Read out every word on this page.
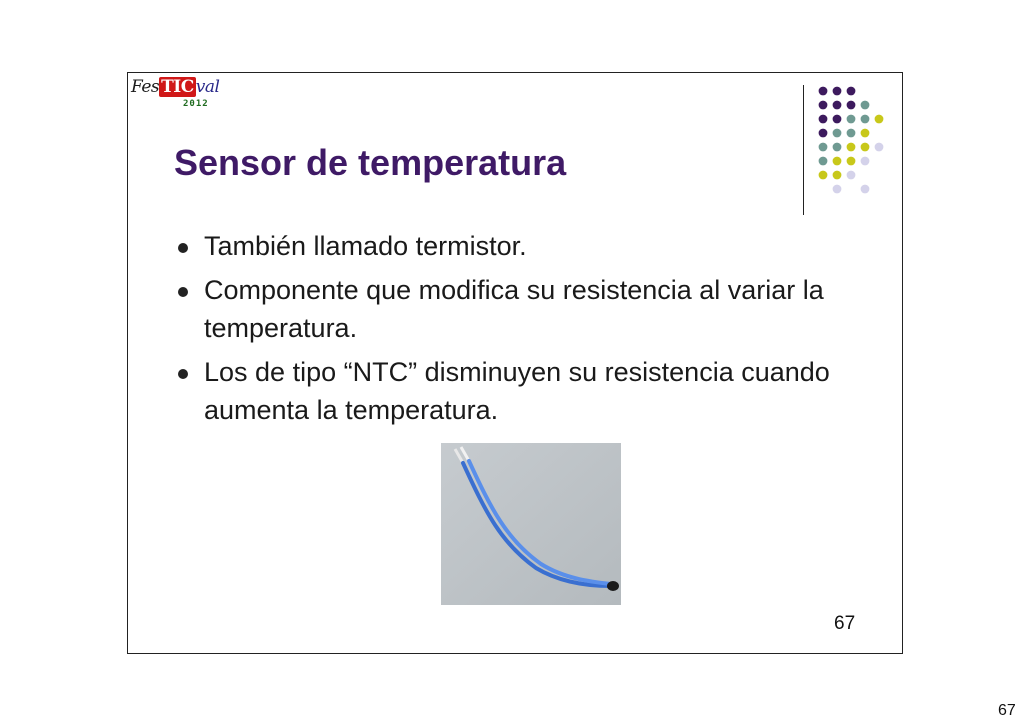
Fes TIC val
2012
Sensor de temperatura
También llamado termistor.
Componente que modifica su resistencia al variar la temperatura.
Los de tipo “NTC” disminuyen su resistencia cuando aumenta la temperatura.
67
67
